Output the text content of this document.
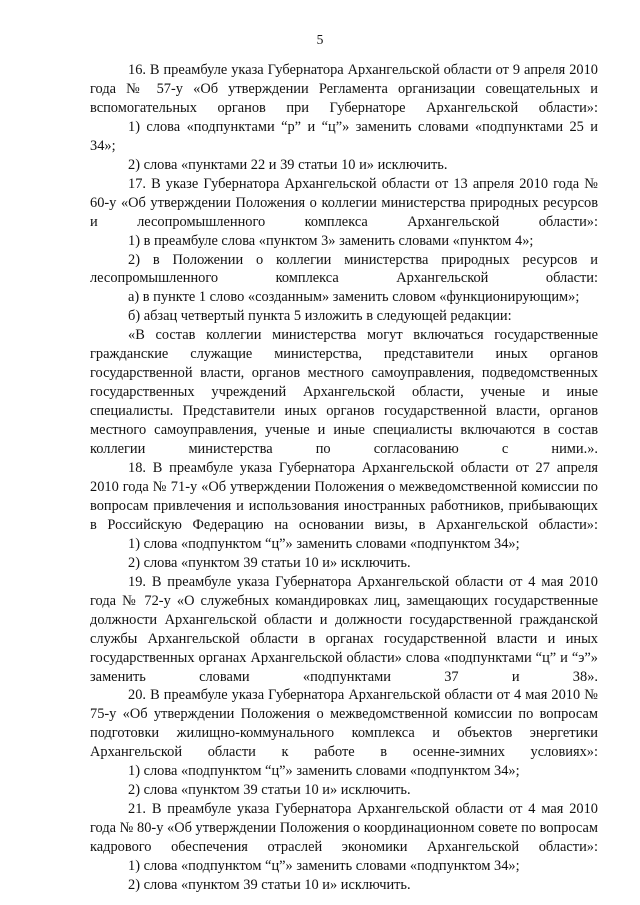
5

16. В преамбуле указа Губернатора Архангельской области от 9 апреля 2010 года № 57-у «Об утверждении Регламента организации совещательных и вспомогательных органов при Губернаторе Архангельской области»:

1) слова «подпунктами “р” и “ц”» заменить словами «подпунктами 25 и 34»;

2) слова «пунктами 22 и 39 статьи 10 и» исключить.

17. В указе Губернатора Архангельской области от 13 апреля 2010 года № 60-у «Об утверждении Положения о коллегии министерства природных ресурсов и лесопромышленного комплекса Архангельской области»:

1) в преамбуле слова «пунктом 3» заменить словами «пунктом 4»;

2) в Положении о коллегии министерства природных ресурсов и лесопромышленного комплекса Архангельской области:

а) в пункте 1 слово «созданным» заменить словом «функционирующим»;

б) абзац четвертый пункта 5 изложить в следующей редакции:

«В состав коллегии министерства могут включаться государственные гражданские служащие министерства, представители иных органов государственной власти, органов местного самоуправления, подведомственных государственных учреждений Архангельской области, ученые и иные специалисты. Представители иных органов государственной власти, органов местного самоуправления, ученые и иные специалисты включаются в состав коллегии министерства по согласованию с ними.».

18. В преамбуле указа Губернатора Архангельской области от 27 апреля 2010 года № 71-у «Об утверждении Положения о межведомственной комиссии по вопросам привлечения и использования иностранных работников, прибывающих в Российскую Федерацию на основании визы, в Архангельской области»:

1) слова «подпунктом “ц”» заменить словами «подпунктом 34»;

2) слова «пунктом 39 статьи 10 и» исключить.

19. В преамбуле указа Губернатора Архангельской области от 4 мая 2010 года № 72-у «О служебных командировках лиц, замещающих государственные должности Архангельской области и должности государственной гражданской службы Архангельской области в органах государственной власти и иных государственных органах Архангельской области» слова «подпунктами “ц” и “э”» заменить словами «подпунктами 37 и 38».

20. В преамбуле указа Губернатора Архангельской области от 4 мая 2010 № 75-у «Об утверждении Положения о межведомственной комиссии по вопросам подготовки жилищно-коммунального комплекса и объектов энергетики Архангельской области к работе в осенне-зимних условиях»:

1) слова «подпунктом “ц”» заменить словами «подпунктом 34»;

2) слова «пунктом 39 статьи 10 и» исключить.

21. В преамбуле указа Губернатора Архангельской области от 4 мая 2010 года № 80-у «Об утверждении Положения о координационном совете по вопросам кадрового обеспечения отраслей экономики Архангельской области»:

1) слова «подпунктом “ц”» заменить словами «подпунктом 34»;

2) слова «пунктом 39 статьи 10 и» исключить.
